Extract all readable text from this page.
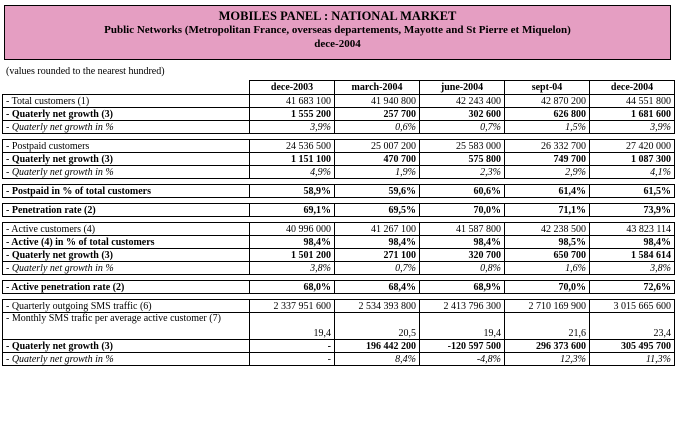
MOBILES PANEL : NATIONAL MARKET
Public Networks (Metropolitan France, overseas departements, Mayotte and St Pierre et Miquelon)
dece-2004
(values rounded to the nearest hundred)
	dece-2003	march-2004	june-2004	sept-04	dece-2004
- Total customers (1)	41 683 100	41 940 800	42 243 400	42 870 200	44 551 800
- Quaterly net growth (3)	1 555 200	257 700	302 600	626 800	1 681 600
- Quaterly net growth in %	3,9%	0,6%	0,7%	1,5%	3,9%

- Postpaid customers	24 536 500	25 007 200	25 583 000	26 332 700	27 420 000
- Quaterly net growth (3)	1 151 100	470 700	575 800	749 700	1 087 300
- Quaterly net growth in %	4,9%	1,9%	2,3%	2,9%	4,1%

- Postpaid in % of total customers	58,9%	59,6%	60,6%	61,4%	61,5%

- Penetration rate (2)	69,1%	69,5%	70,0%	71,1%	73,9%

- Active customers (4)	40 996 000	41 267 100	41 587 800	42 238 500	43 823 114
- Active (4) in % of total customers	98,4%	98,4%	98,4%	98,5%	98,4%
- Quaterly net growth (3)	1 501 200	271 100	320 700	650 700	1 584 614
- Quaterly net growth in %	3,8%	0,7%	0,8%	1,6%	3,8%

- Active penetration rate (2)	68,0%	68,4%	68,9%	70,0%	72,6%

- Quarterly outgoing SMS traffic (6)	2 337 951 600	2 534 393 800	2 413 796 300	2 710 169 900	3 015 665 600
- Monthly SMS trafic per average active customer (7)	19,4	20,5	19,4	21,6	23,4
- Quaterly net growth (3)	-	196 442 200	-120 597 500	296 373 600	305 495 700
- Quaterly net growth in %	-	8,4%	-4,8%	12,3%	11,3%
